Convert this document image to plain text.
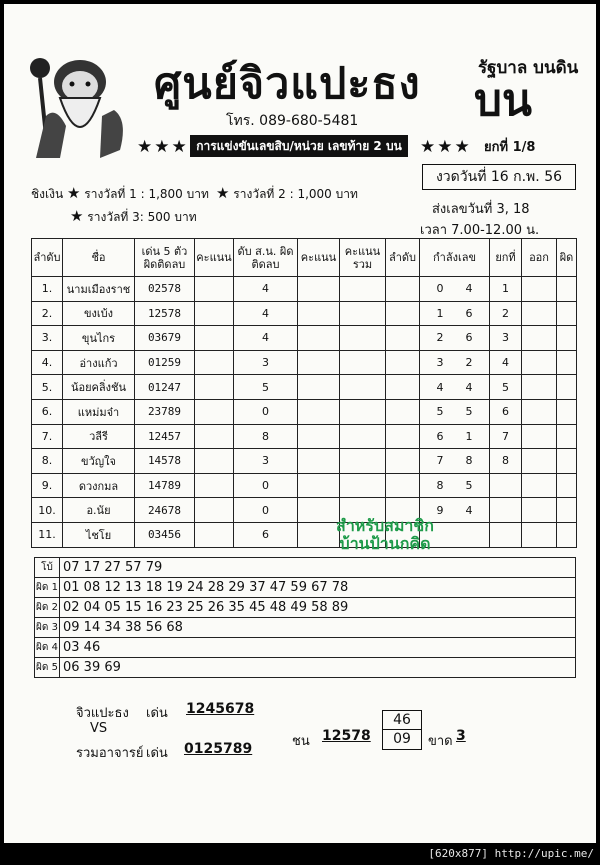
ศูนย์จิวแปะธง
โทร. 089-680-5481
รัฐบาล บนดิน
บน
★★★ การแข่งขันเลขสิบ/หน่วย เลขท้าย 2 บน	★★★ ยกที่ 1/8
งวดวันที่ 16 ก.พ. 56
ส่งเลขวันที่ 3, 18
เวลา 7.00-12.00 น.
ชิงเงิน ★ รางวัลที่ 1 : 1,800 บาท ★ รางวัลที่ 2 : 1,000 บาท
★ รางวัลที่ 3: 500 บาท
ลำดับ	ชื่อ	เด่น 5 ตัว ผิดติดลบ	คะแนน	ดับ ส.น. ผิดติดลบ	คะแนน	คะแนน รวม	ลำดับ	กำลังเลข	ยกที่	ออก	ผิด
1.	นามเมืองราช	02578		4				0 4	1		
2.	ขงเบ้ง	12578		4				1 6	2		
3.	ขุนไกร	03679		4				2 6	3		
4.	อ่างแก้ว	01259		3				3 2	4		
5.	น้อยคลิ่งชัน	01247		5				4 4	5		
6.	แหม่มจ๋า	23789		0				5 5	6		
7.	วลีรี	12457		8				6 1	7		
8.	ขวัญใจ	14578		3				7 8	8		
9.	ดวงกมล	14789		0				8 5			
10.	อ.นัย	24678		0				9 4			
11.	ไชโย	03456		6								สำหรับสมาชิก
บ้านป้านกคิด
โบ้	07 17 27 57 79
ผิด 1	01 08 12 13 18 19 24 28 29 37 47 59 67 78
ผิด 2	02 04 05 15 16 23 25 26 35 45 48 49 58 89
ผิด 3	09 14 34 38 56 68
ผิด 4	03 46
ผิด 5	06 39 69
จิวแปะธง เด่น 1245678
VS
รวมอาจารย์ เด่น 0125789	ชน 12578
46
09	ขาด 3
[620x877] http://upic.me/
